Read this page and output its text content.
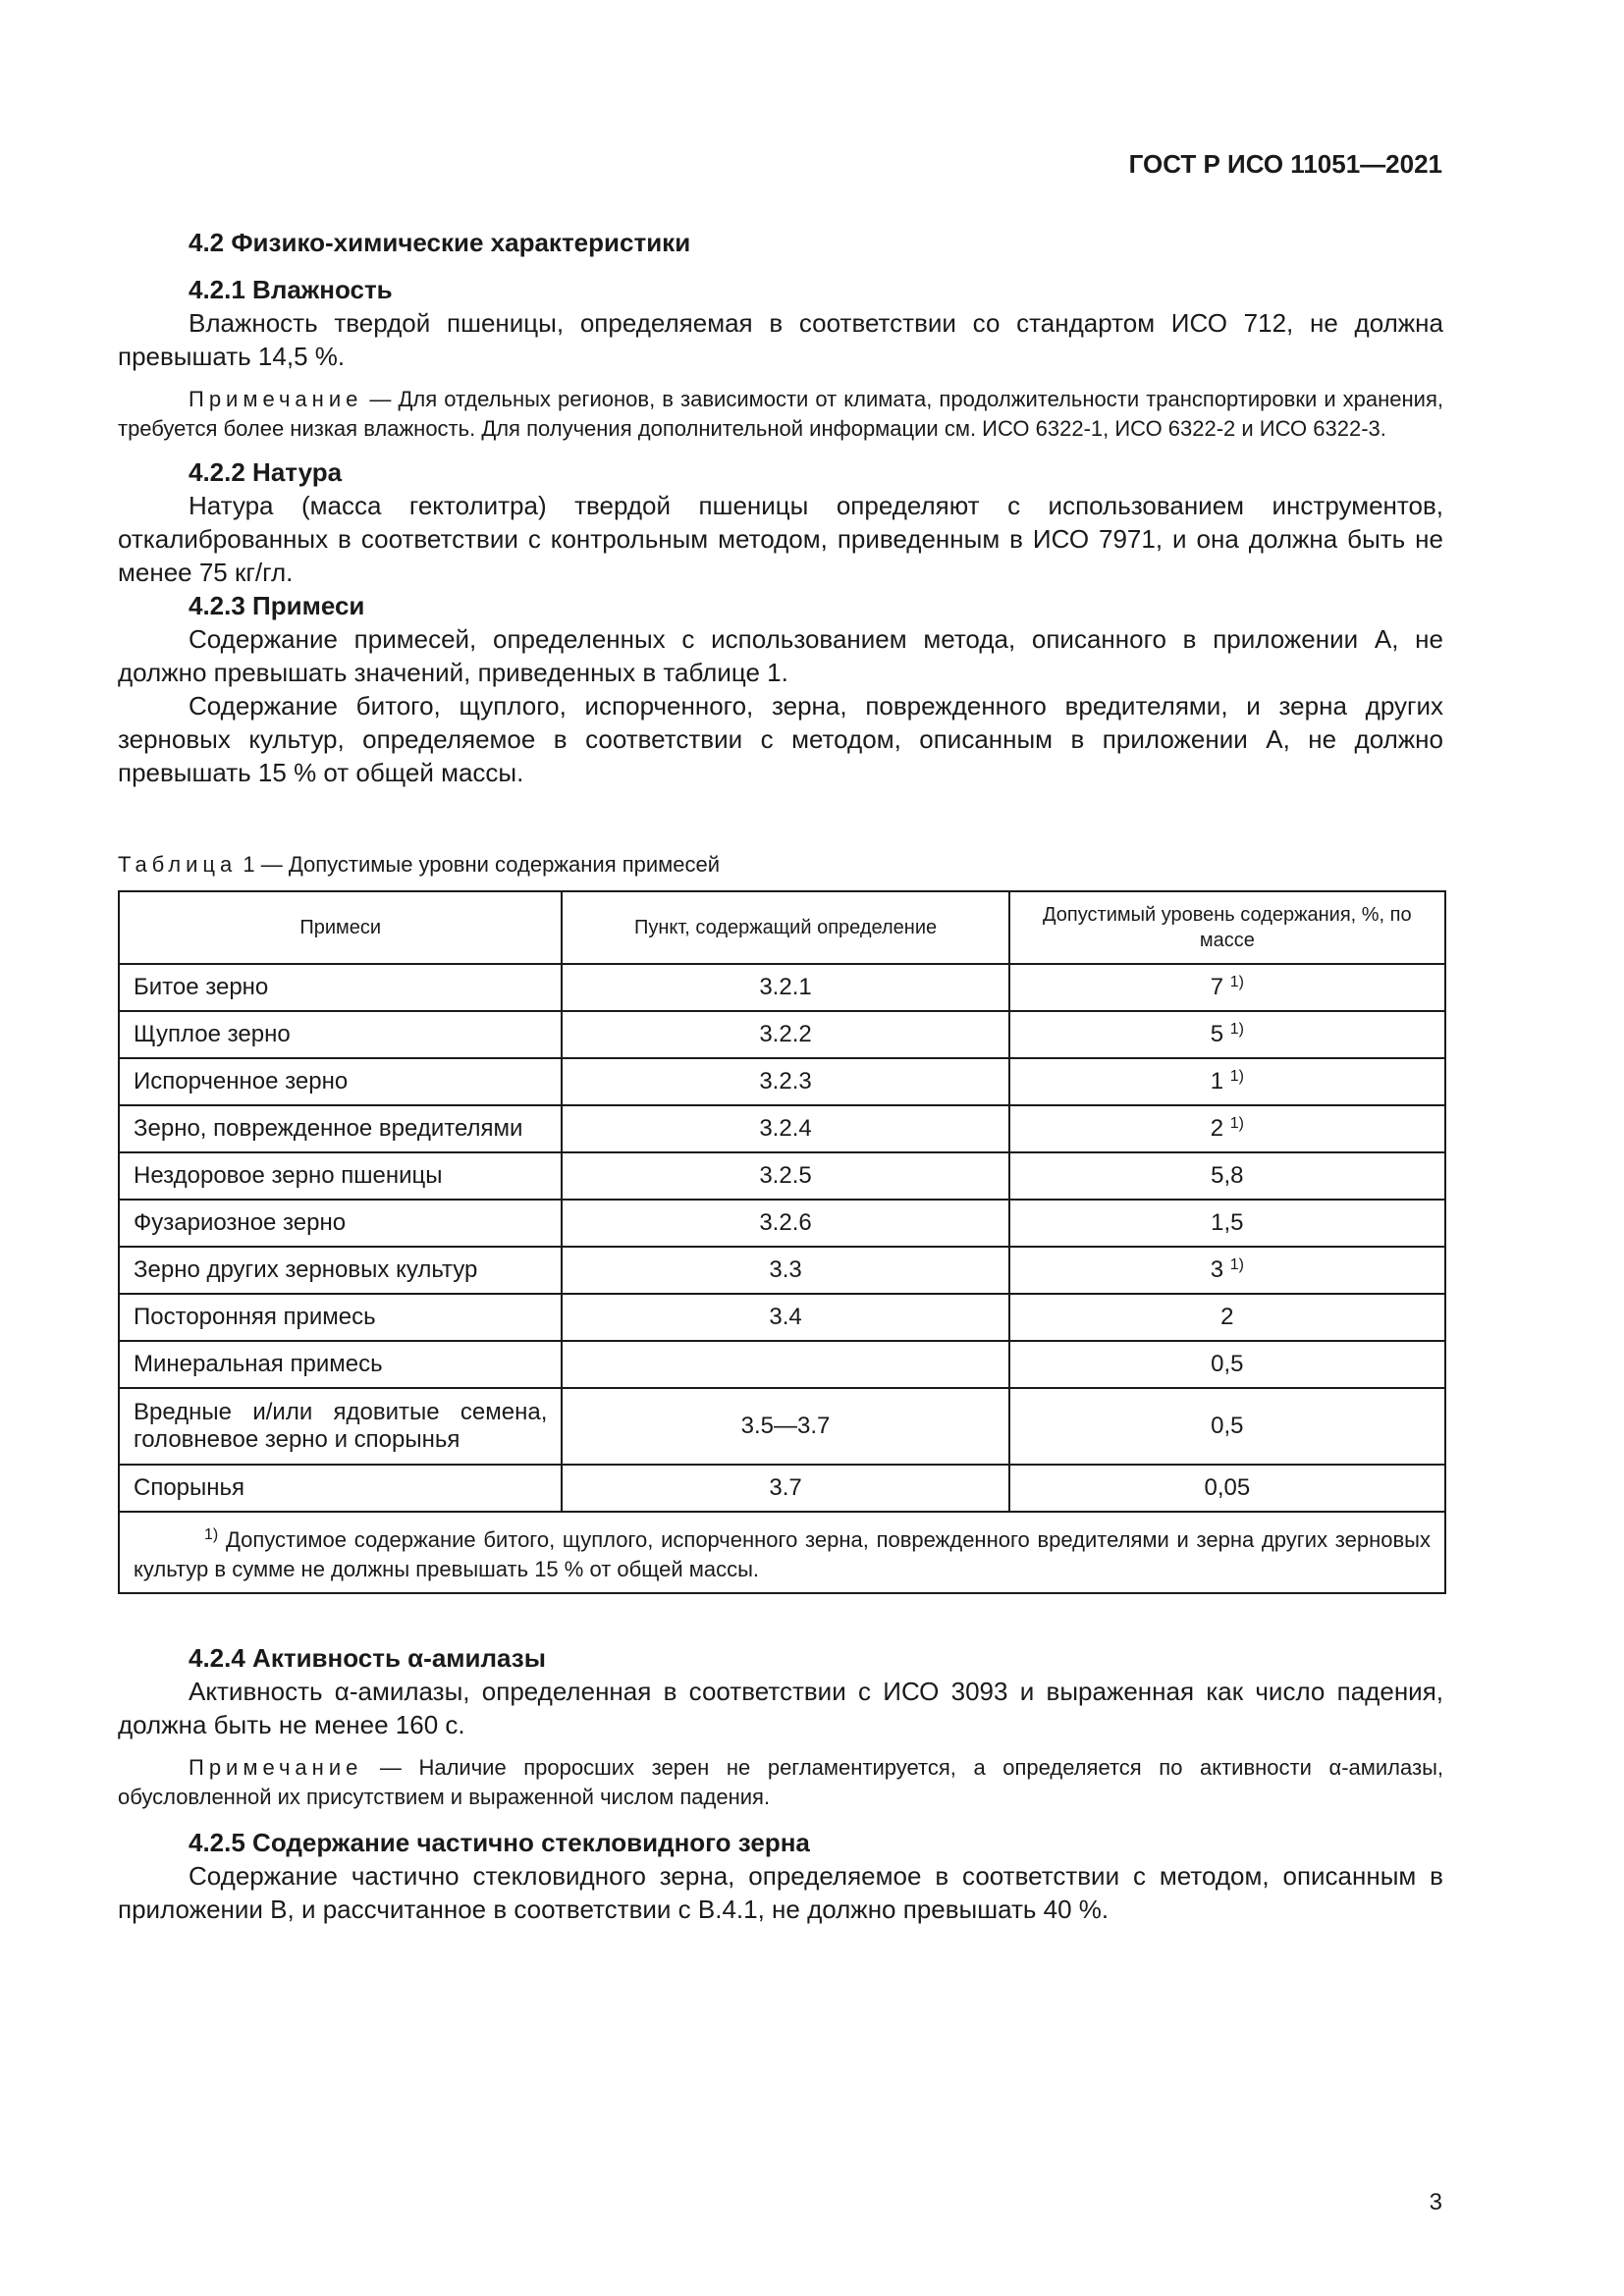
ГОСТ Р ИСО 11051—2021

4.2 Физико-химические характеристики

4.2.1 Влажность

Влажность твердой пшеницы, определяемая в соответствии со стандартом ИСО 712, не должна превышать 14,5 %.

Примечание — Для отдельных регионов, в зависимости от климата, продолжительности транспортировки и хранения, требуется более низкая влажность. Для получения дополнительной информации см. ИСО 6322-1, ИСО 6322-2 и ИСО 6322-3.

4.2.2 Натура

Натура (масса гектолитра) твердой пшеницы определяют с использованием инструментов, откалиброванных в соответствии с контрольным методом, приведенным в ИСО 7971, и она должна быть не менее 75 кг/гл.

4.2.3 Примеси

Содержание примесей, определенных с использованием метода, описанного в приложении А, не должно превышать значений, приведенных в таблице 1.

Содержание битого, щуплого, испорченного, зерна, поврежденного вредителями, и зерна других зерновых культур, определяемое в соответствии с методом, описанным в приложении А, не должно превышать 15 % от общей массы.

Таблица 1 — Допустимые уровни содержания примесей
Примеси	Пункт, содержащий определение	Допустимый уровень содержания, %, по массе
Битое зерно	3.2.1	7 $^{1)}$
Щуплое зерно	3.2.2	5 $^{1)}$
Испорченное зерно	3.2.3	1 $^{1)}$
Зерно, поврежденное вредителями	3.2.4	2 $^{1)}$
Нездоровое зерно пшеницы	3.2.5	5,8
Фузариозное зерно	3.2.6	1,5
Зерно других зерновых культур	3.3	3 $^{1)}$
Посторонняя примесь	3.4	2
Минеральная примесь		0,5
Вредные и/или ядовитые семена, головневое зерно и спорынья	3.5—3.7	0,5
Спорынья	3.7	0,05
$^{1)}$ Допустимое содержание битого, щуплого, испорченного зерна, поврежденного вредителями и зерна других зерновых культур в сумме не должны превышать 15 % от общей массы.		

4.2.4 Активность α-амилазы

Активность α-амилазы, определенная в соответствии с ИСО 3093 и выраженная как число падения, должна быть не менее 160 с.

Примечание — Наличие проросших зерен не регламентируется, а определяется по активности α-амилазы, обусловленной их присутствием и выраженной числом падения.

4.2.5 Содержание частично стекловидного зерна

Содержание частично стекловидного зерна, определяемое в соответствии с методом, описанным в приложении В, и рассчитанное в соответствии с В.4.1, не должно превышать 40 %.

3
